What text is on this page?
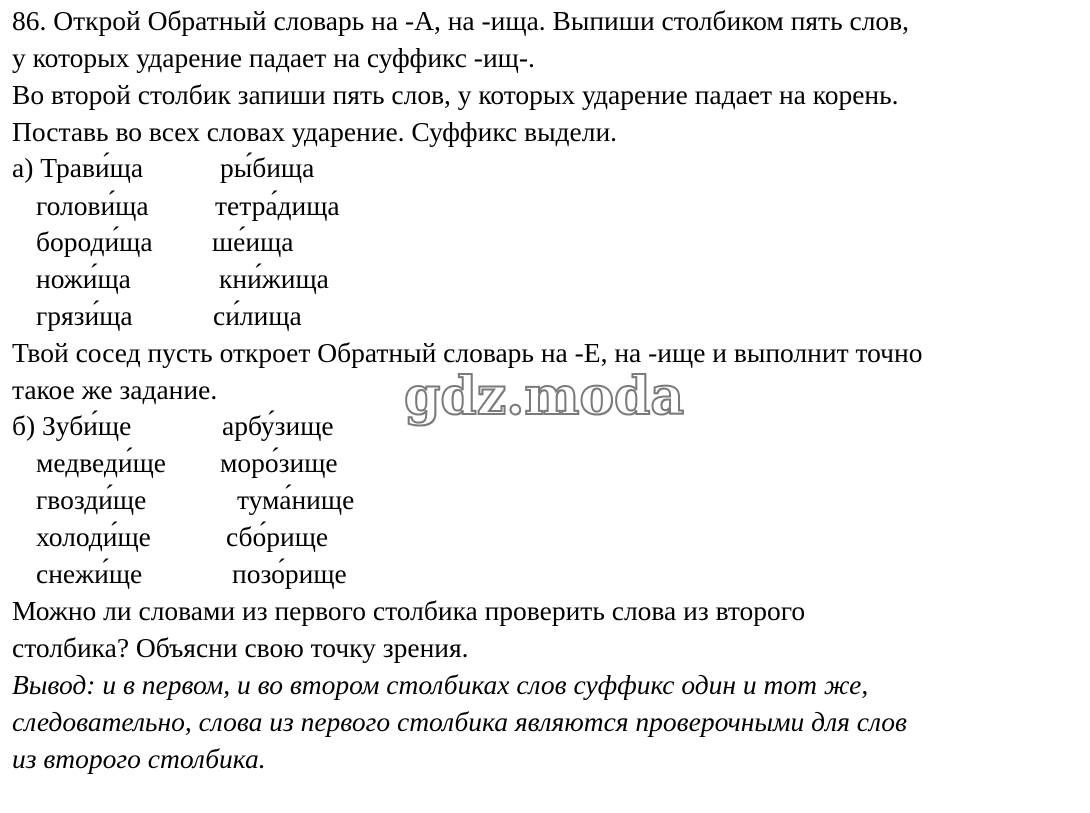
86. Открой Обратный словарь на -А, на -ища. Выпиши столбиком пять слов,
у которых ударение падает на суффикс -ищ-.
Во второй столбик запиши пять слов, у которых ударение падает на корень.
Поставь во всех словах ударение. Суффикс выдели.
а) Трави́ща	ры́бища
голови́ща тетра́дища
бороди́ща ше́ища
ножи́ща	кни́жища
грязи́ща	си́лища
Твой сосед пусть откроет Обратный словарь на -Е, на -ище и выполнит точно
такое же задание.	gdz.moda
б) Зуби́ще	арбу́зище
медведи́ще моро́зище
гвозди́ще	тума́нище
холоди́ще	сбо́рище
снежи́ще	позо́рище
Можно ли словами из первого столбика проверить слова из второго
столбика? Объясни свою точку зрения.
Вывод: и в первом, и во втором столбиках слов суффикс один и тот же,
следовательно, слова из первого столбика являются проверочными для слов
из второго столбика.
